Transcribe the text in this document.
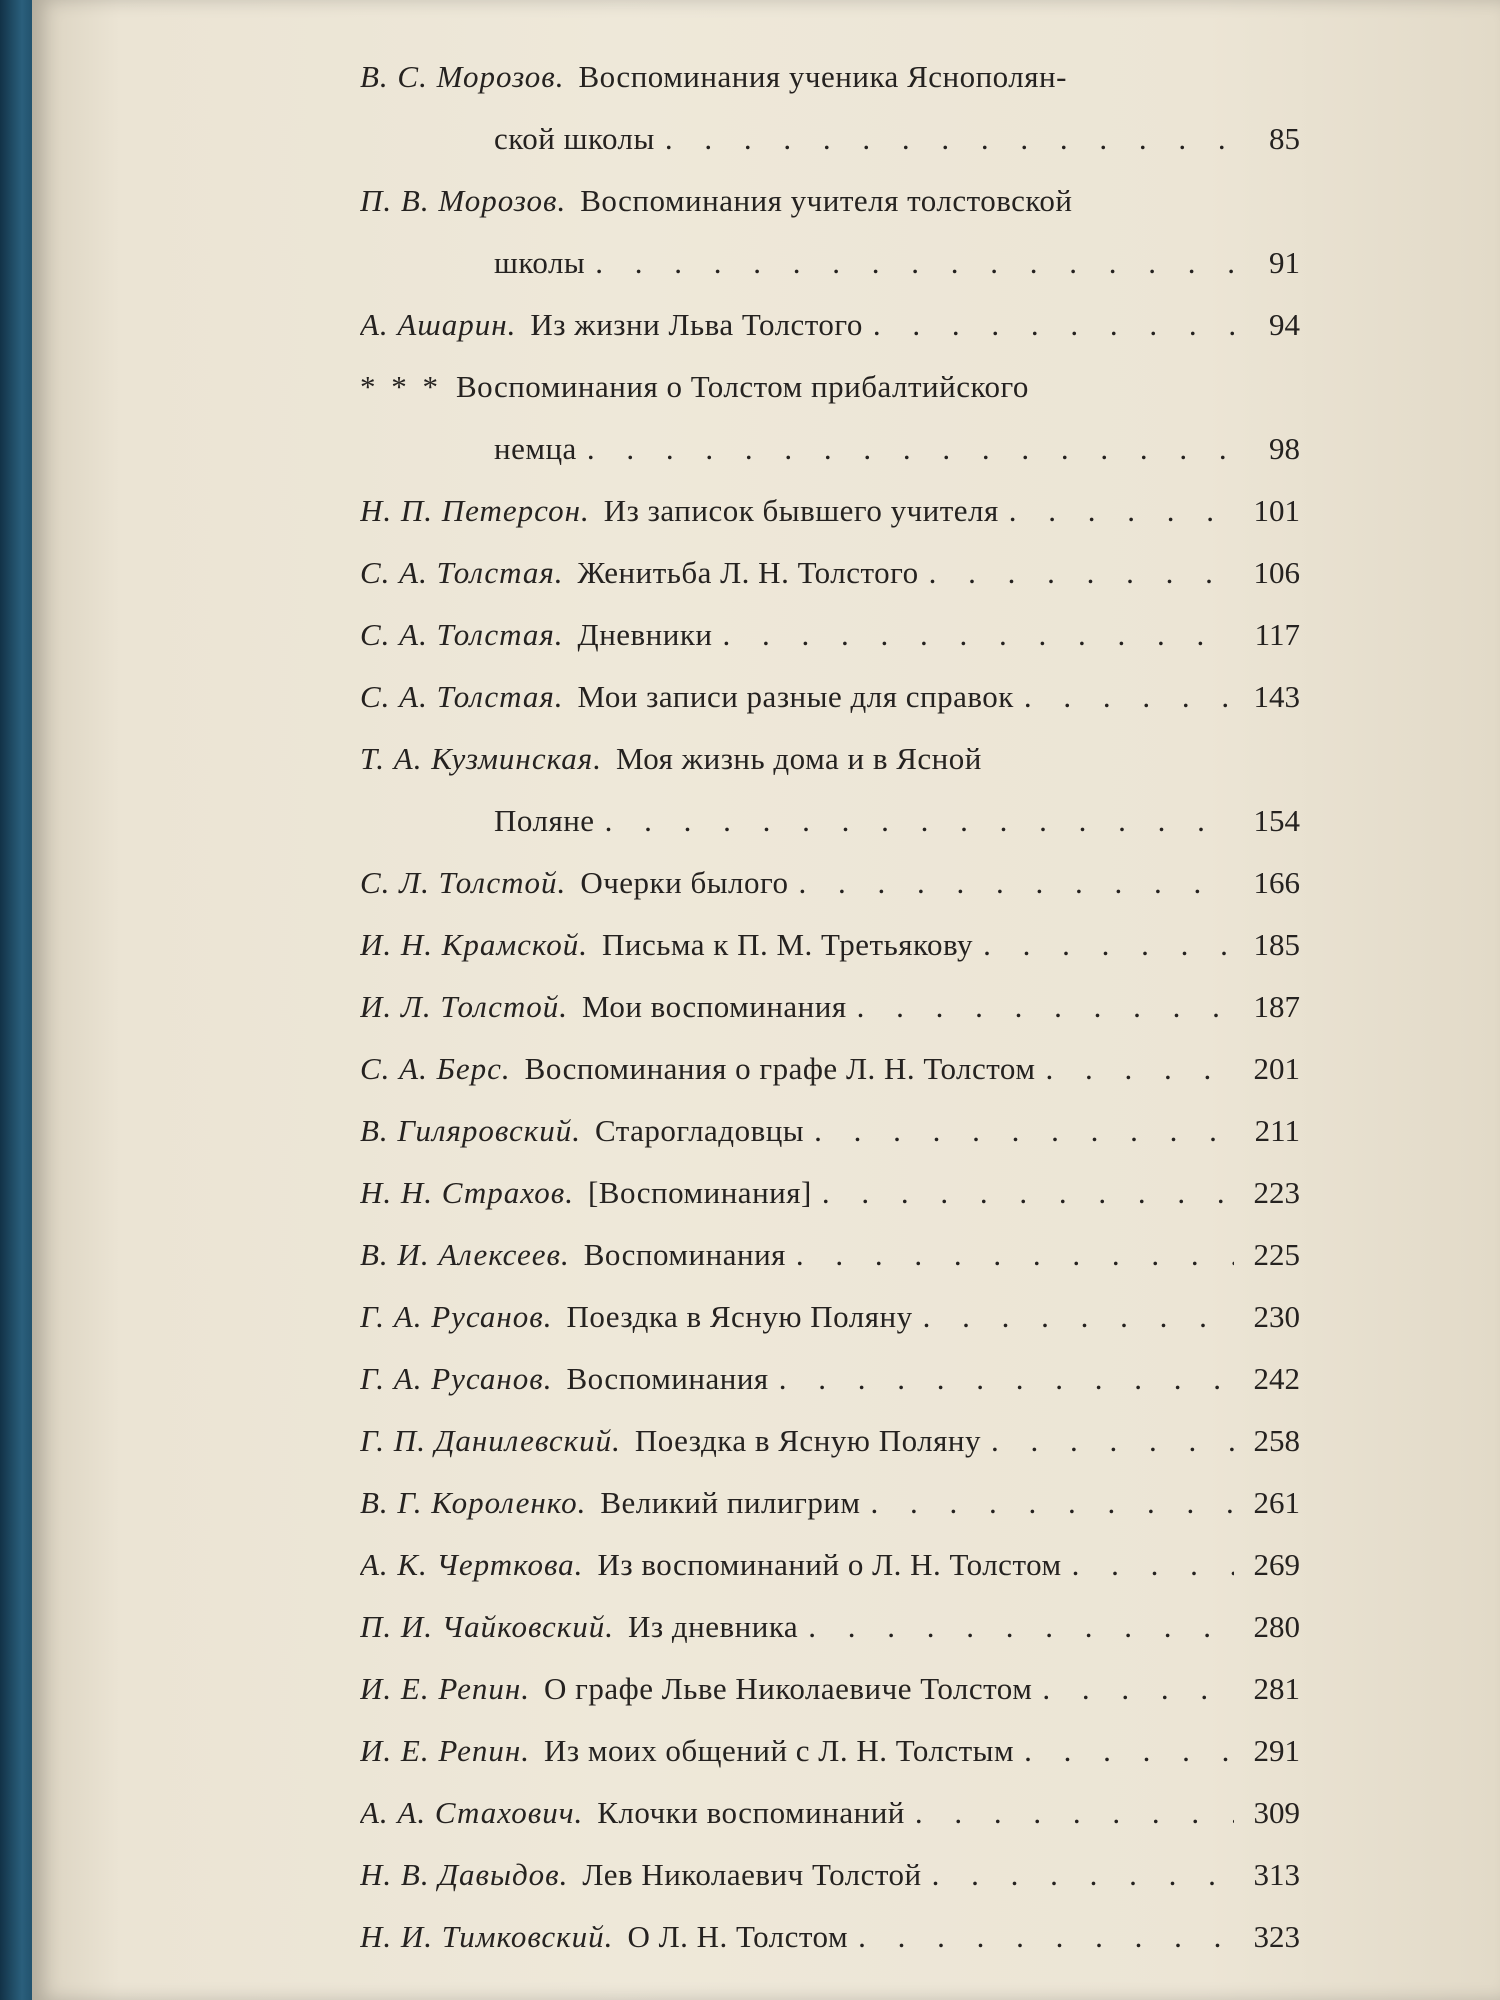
В. С. Морозов. Воспоминания ученика Яснополян-
ской школы . . .	85
П. В. Морозов. Воспоминания учителя толстовской
школы . . .	91
А. Ашарин. Из жизни Льва Толстого . . .	94
* * * Воспоминания о Толстом прибалтийского
немца . . .	98
Н. П. Петерсон. Из записок бывшего учителя . . .	101
С. А. Толстая. Женитьба Л. Н. Толстого . . .	106
С. А. Толстая. Дневники . . .	117
С. А. Толстая. Мои записи разные для справок . . .	143
Т. А. Кузминская. Моя жизнь дома и в Ясной
Поляне . . .	154
С. Л. Толстой. Очерки былого . . .	166
И. Н. Крамской. Письма к П. М. Третьякову . . .	185
И. Л. Толстой. Мои воспоминания . . .	187
С. А. Берс. Воспоминания о графе Л. Н. Толстом . . .	201
В. Гиляровский. Старогладовцы . . .	211
Н. Н. Страхов. [Воспоминания] . . .	223
В. И. Алексеев. Воспоминания . . .	225
Г. А. Русанов. Поездка в Ясную Поляну . . .	230
Г. А. Русанов. Воспоминания . . .	242
Г. П. Данилевский. Поездка в Ясную Поляну . . .	258
В. Г. Короленко. Великий пилигрим . . .	261
А. К. Черткова. Из воспоминаний о Л. Н. Толстом . . .	269
П. И. Чайковский. Из дневника . . .	280
И. Е. Репин. О графе Льве Николаевиче Толстом . . .	281
И. Е. Репин. Из моих общений с Л. Н. Толстым . . .	291
А. А. Стахович. Клочки воспоминаний . . .	309
Н. В. Давыдов. Лев Николаевич Толстой . . .	313
Н. И. Тимковский. О Л. Н. Толстом . . .	323
